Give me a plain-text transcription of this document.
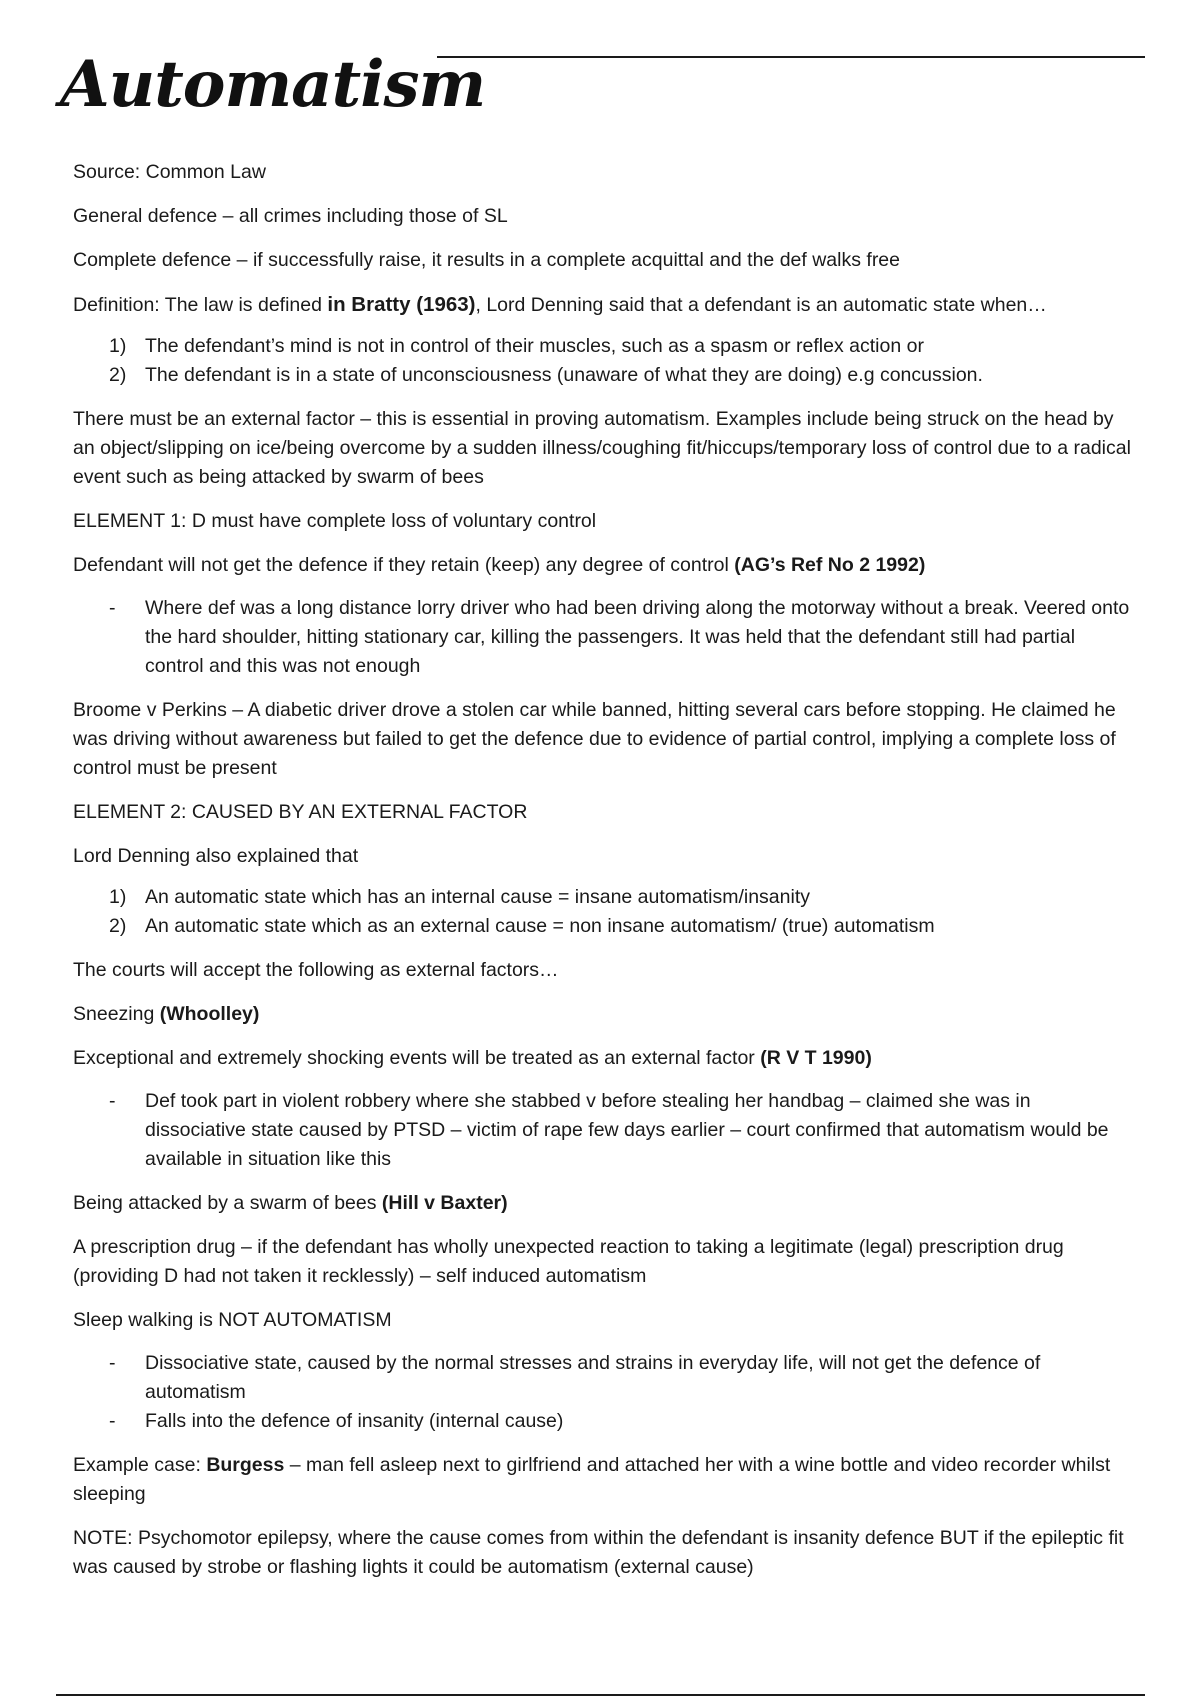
Automatism

Source: Common Law

General defence – all crimes including those of SL

Complete defence – if successfully raise, it results in a complete acquittal and the def walks free

Definition: The law is defined in Bratty (1963), Lord Denning said that a defendant is an automatic state when…

1) The defendant’s mind is not in control of their muscles, such as a spasm or reflex action or
2) The defendant is in a state of unconsciousness (unaware of what they are doing) e.g concussion.

There must be an external factor – this is essential in proving automatism. Examples include being struck on the head by an object/slipping on ice/being overcome by a sudden illness/coughing fit/hiccups/temporary loss of control due to a radical event such as being attacked by swarm of bees

ELEMENT 1: D must have complete loss of voluntary control

Defendant will not get the defence if they retain (keep) any degree of control (AG’s Ref No 2 1992)

- Where def was a long distance lorry driver who had been driving along the motorway without a break. Veered onto the hard shoulder, hitting stationary car, killing the passengers. It was held that the defendant still had partial control and this was not enough

Broome v Perkins – A diabetic driver drove a stolen car while banned, hitting several cars before stopping. He claimed he was driving without awareness but failed to get the defence due to evidence of partial control, implying a complete loss of control must be present

ELEMENT 2: CAUSED BY AN EXTERNAL FACTOR

Lord Denning also explained that

1) An automatic state which has an internal cause = insane automatism/insanity
2) An automatic state which as an external cause = non insane automatism/ (true) automatism

The courts will accept the following as external factors…

Sneezing (Whoolley)

Exceptional and extremely shocking events will be treated as an external factor (R V T 1990)

- Def took part in violent robbery where she stabbed v before stealing her handbag – claimed she was in dissociative state caused by PTSD – victim of rape few days earlier – court confirmed that automatism would be available in situation like this

Being attacked by a swarm of bees (Hill v Baxter)

A prescription drug – if the defendant has wholly unexpected reaction to taking a legitimate (legal) prescription drug (providing D had not taken it recklessly) – self induced automatism

Sleep walking is NOT AUTOMATISM

- Dissociative state, caused by the normal stresses and strains in everyday life, will not get the defence of automatism
- Falls into the defence of insanity (internal cause)

Example case: Burgess – man fell asleep next to girlfriend and attached her with a wine bottle and video recorder whilst sleeping

NOTE: Psychomotor epilepsy, where the cause comes from within the defendant is insanity defence BUT if the epileptic fit was caused by strobe or flashing lights it could be automatism (external cause)
